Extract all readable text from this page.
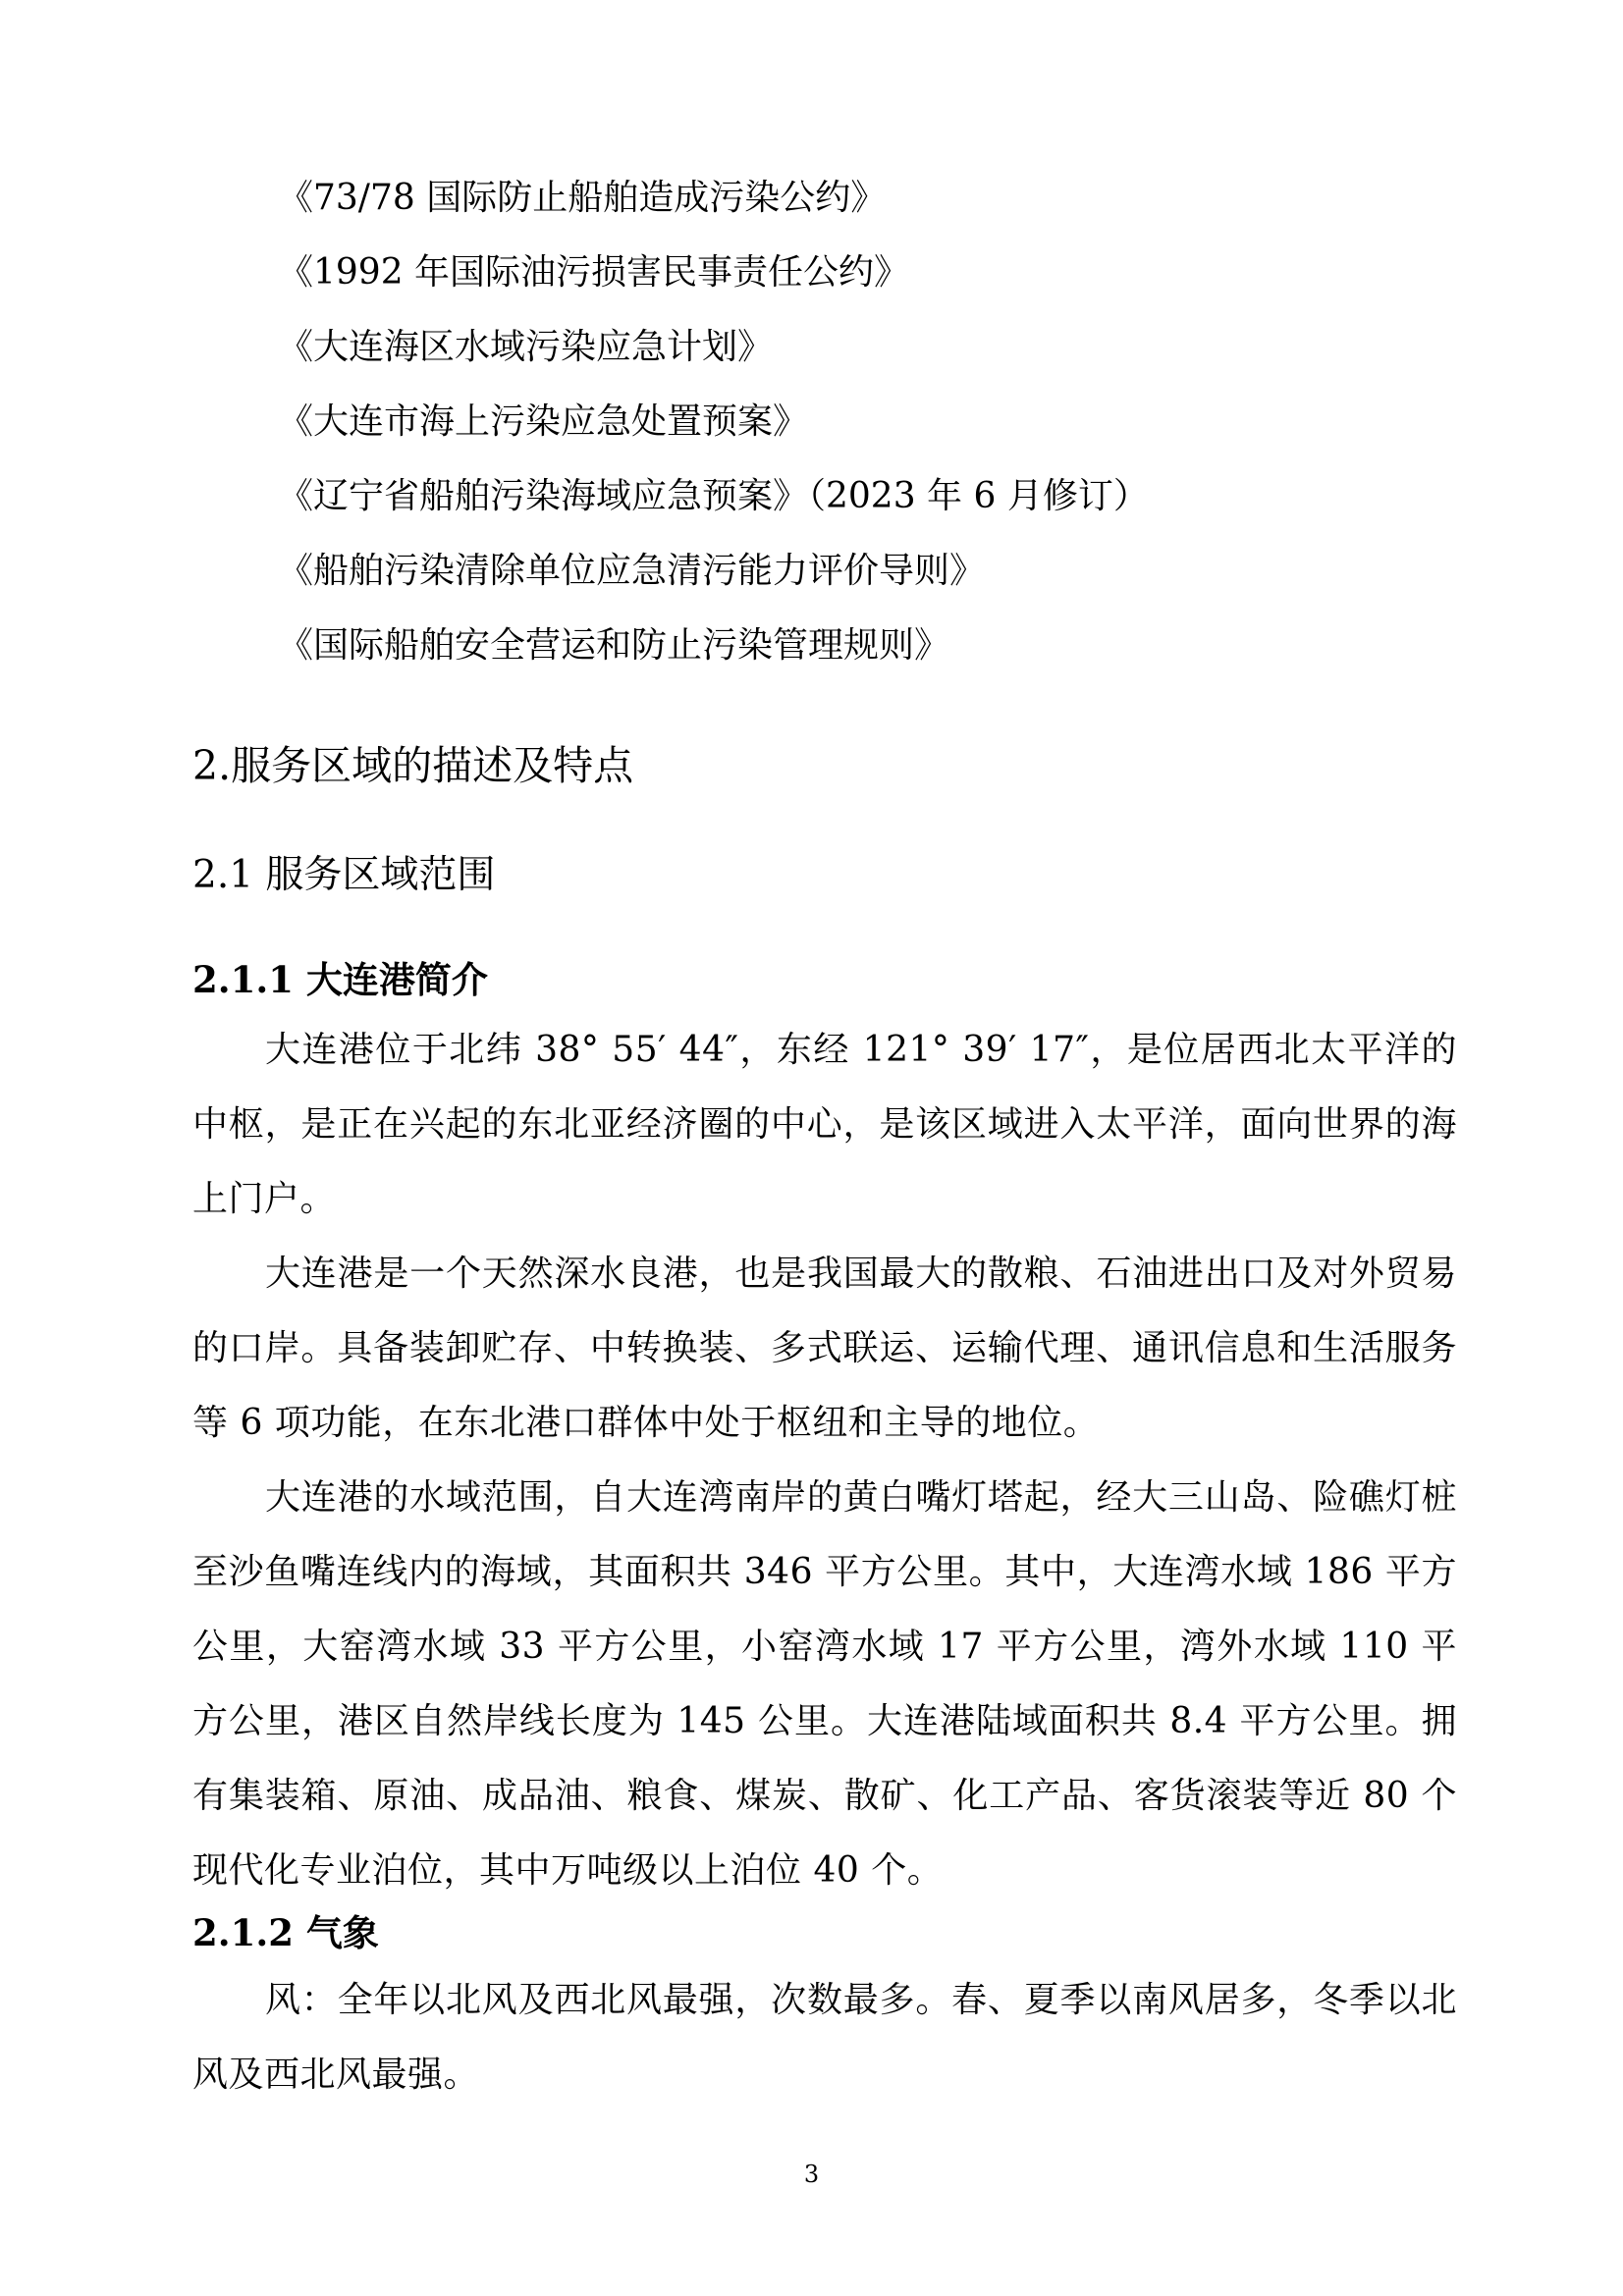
《73/78 国际防止船舶造成污染公约》
《1992 年国际油污损害民事责任公约》
《大连海区水域污染应急计划》
《大连市海上污染应急处置预案》
《辽宁省船舶污染海域应急预案》（2023 年 6 月修订）
《船舶污染清除单位应急清污能力评价导则》
《国际船舶安全营运和防止污染管理规则》
2.服务区域的描述及特点
2.1 服务区域范围
2.1.1 大连港简介

大连港位于北纬 38° 55′ 44″，东经 121° 39′ 17″，是位居西北太平洋的中枢，是正在兴起的东北亚经济圈的中心，是该区域进入太平洋，面向世界的海上门户。

大连港是一个天然深水良港，也是我国最大的散粮、石油进出口及对外贸易的口岸。具备装卸贮存、中转换装、多式联运、运输代理、通讯信息和生活服务等 6 项功能，在东北港口群体中处于枢纽和主导的地位。

大连港的水域范围，自大连湾南岸的黄白嘴灯塔起，经大三山岛、险礁灯桩至沙鱼嘴连线内的海域，其面积共 346 平方公里。其中，大连湾水域 186 平方公里，大窑湾水域 33 平方公里，小窑湾水域 17 平方公里，湾外水域 110 平方公里，港区自然岸线长度为 145 公里。大连港陆域面积共 8.4 平方公里。拥有集装箱、原油、成品油、粮食、煤炭、散矿、化工产品、客货滚装等近 80 个现代化专业泊位，其中万吨级以上泊位 40 个。

2.1.2 气象

风：全年以北风及西北风最强，次数最多。春、夏季以南风居多，冬季以北风及西北风最强。

3
